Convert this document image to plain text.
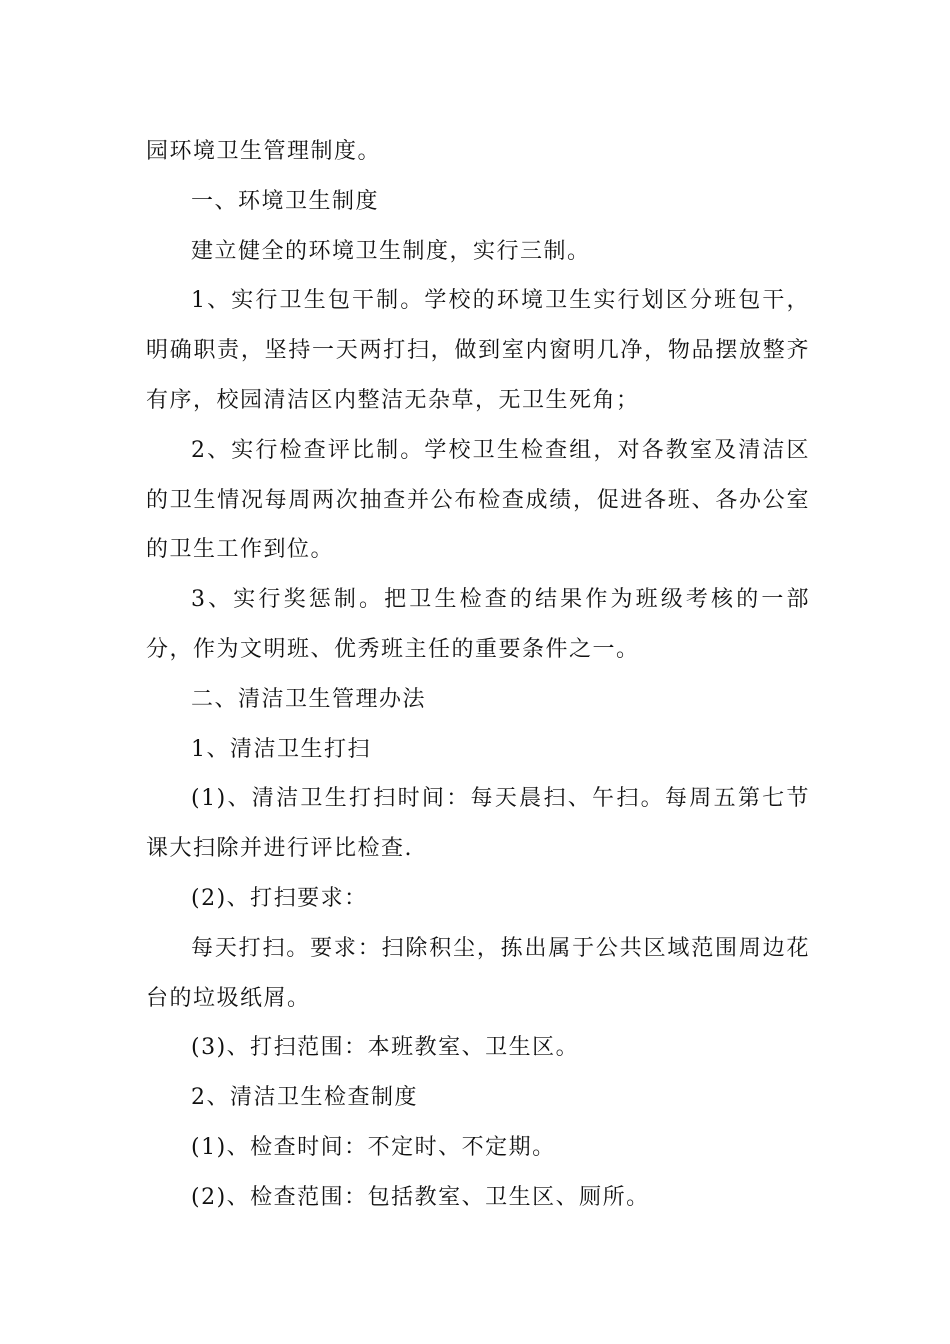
园环境卫生管理制度。

一、环境卫生制度

建立健全的环境卫生制度，实行三制。

1、实行卫生包干制。学校的环境卫生实行划区分班包干，明确职责，坚持一天两打扫，做到室内窗明几净，物品摆放整齐有序，校园清洁区内整洁无杂草，无卫生死角；

2、实行检查评比制。学校卫生检查组，对各教室及清洁区的卫生情况每周两次抽查并公布检查成绩，促进各班、各办公室的卫生工作到位。

3、实行奖惩制。把卫生检查的结果作为班级考核的一部分，作为文明班、优秀班主任的重要条件之一。

二、清洁卫生管理办法

1、清洁卫生打扫

(1)、清洁卫生打扫时间：每天晨扫、午扫。每周五第七节课大扫除并进行评比检查.

(2)、打扫要求：

每天打扫。要求：扫除积尘，拣出属于公共区域范围周边花台的垃圾纸屑。

(3)、打扫范围：本班教室、卫生区。

2、清洁卫生检查制度

(1)、检查时间：不定时、不定期。

(2)、检查范围：包括教室、卫生区、厕所。
